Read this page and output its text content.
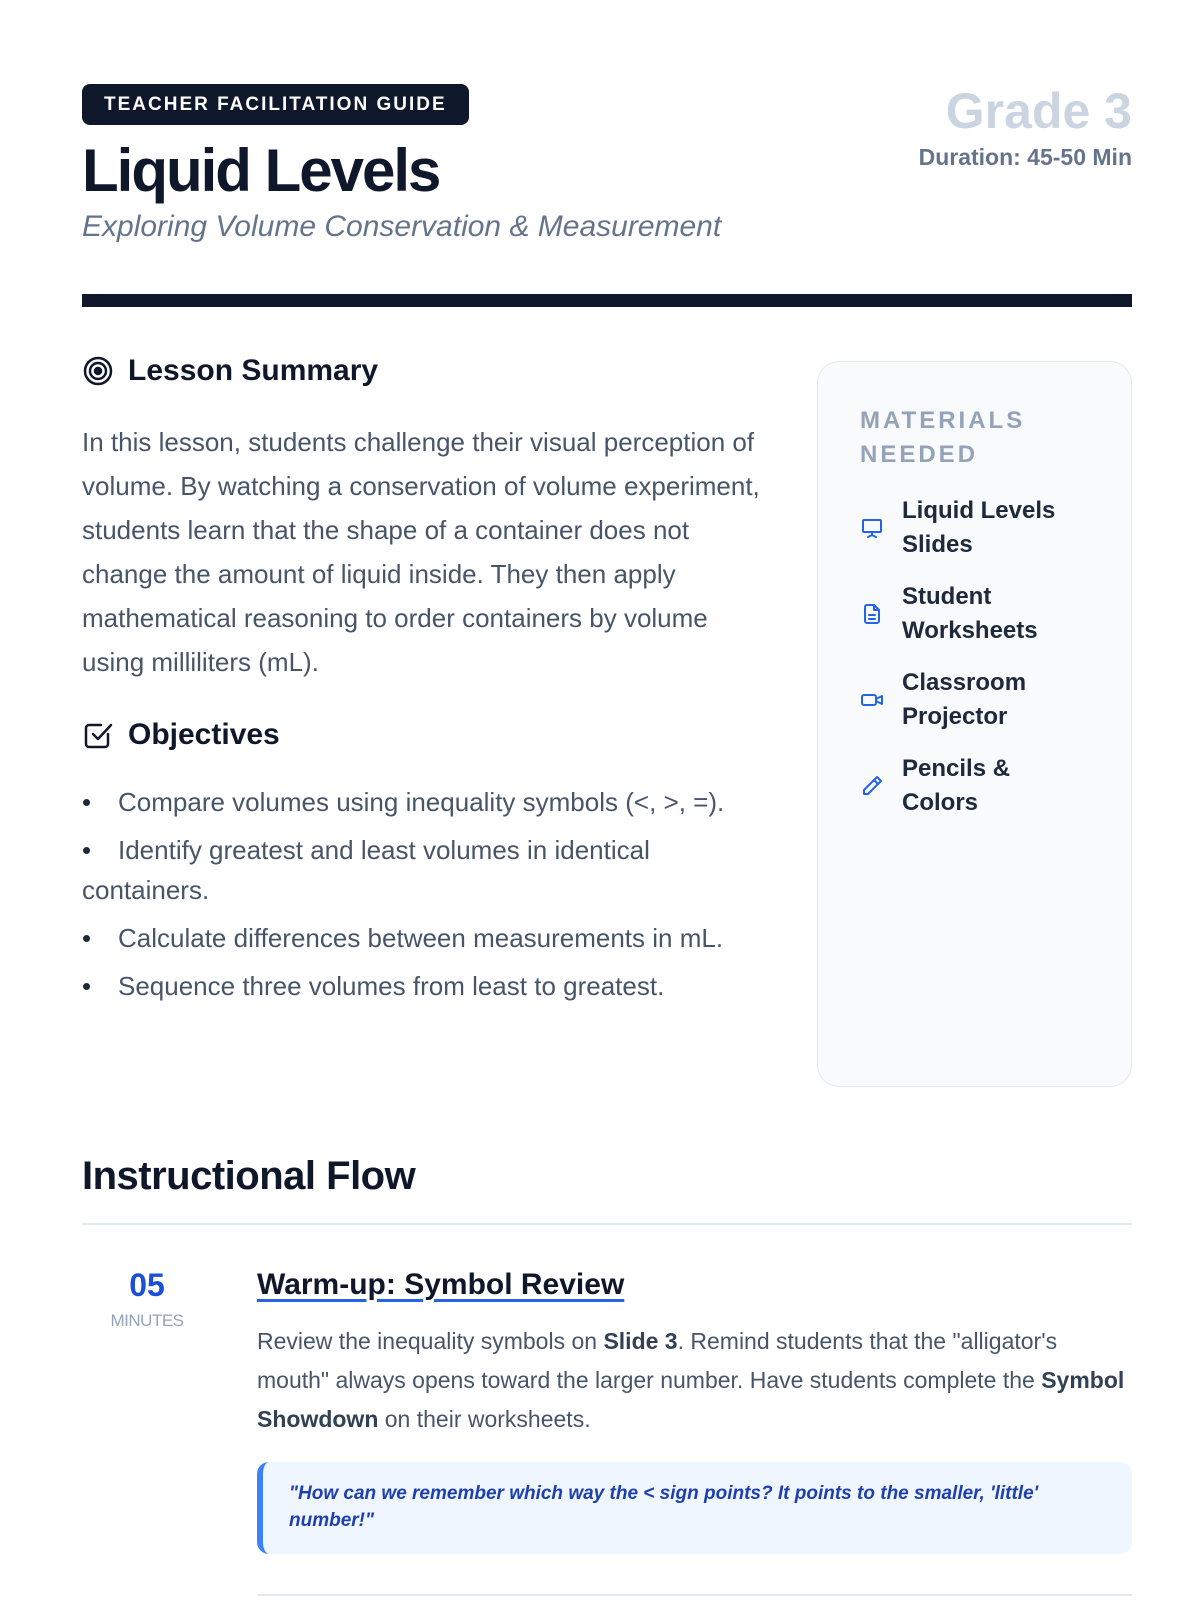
TEACHER FACILITATION GUIDE
Liquid Levels
Exploring Volume Conservation & Measurement
Grade 3
Duration: 45-50 Min
Lesson Summary

In this lesson, students challenge their visual perception of volume. By watching a conservation of volume experiment, students learn that the shape of a container does not change the amount of liquid inside. They then apply mathematical reasoning to order containers by volume using milliliters (mL).

Objectives
• Compare volumes using inequality symbols (<, >, =).
• Identify greatest and least volumes in identical containers.
• Calculate differences between measurements in mL.
• Sequence three volumes from least to greatest.
MATERIALS
NEEDED
Liquid Levels
Slides
Student
Worksheets
Classroom
Projector
Pencils &
Colors
Instructional Flow
05
MINUTES
Warm-up: Symbol Review

Review the inequality symbols on Slide 3. Remind students that the "alligator's mouth" always opens toward the larger number. Have students complete the Symbol Showdown on their worksheets.

"How can we remember which way the < sign points? It points to the smaller, 'little' number!"
